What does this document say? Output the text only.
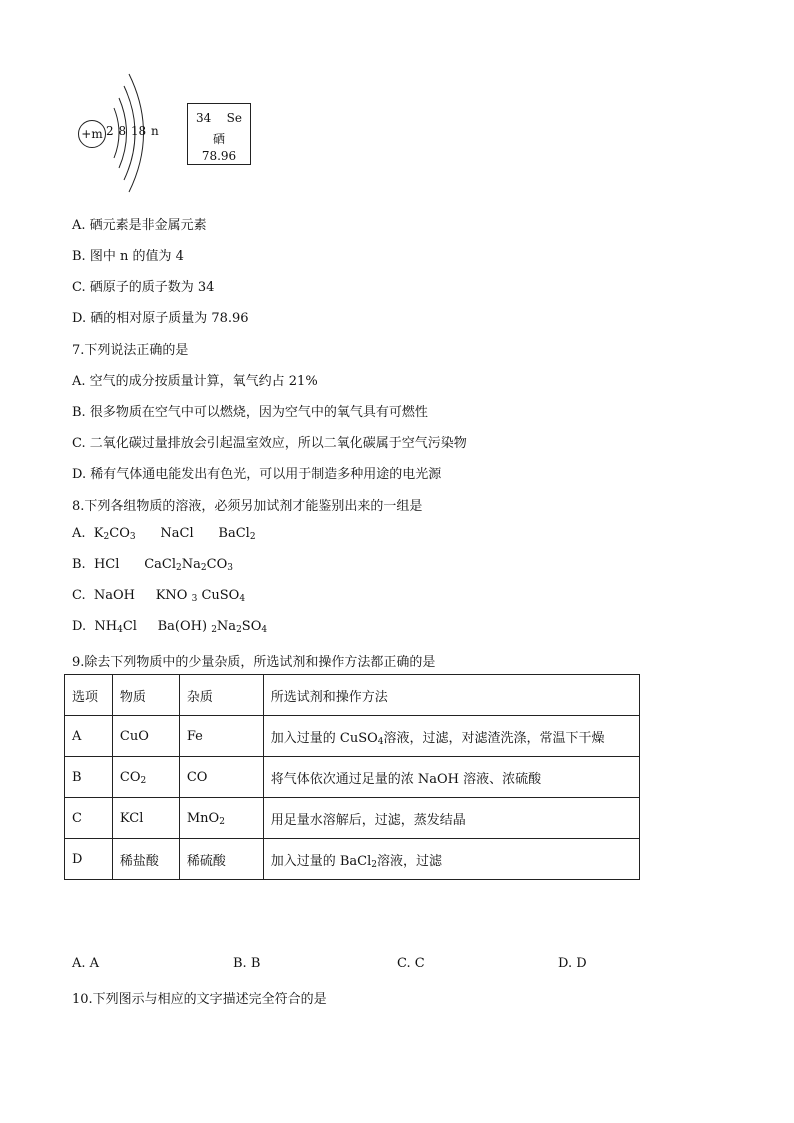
+m 2 8 18 n
34 Se
硒
78.96
A. 硒元素是非金属元素
B. 图中 n 的值为 4
C. 硒原子的质子数为 34
D. 硒的相对原子质量为 78.96
7.下列说法正确的是
A. 空气的成分按质量计算，氧气约占 21%
B. 很多物质在空气中可以燃烧，因为空气中的氧气具有可燃性
C. 二氧化碳过量排放会引起温室效应，所以二氧化碳属于空气污染物
D. 稀有气体通电能发出有色光，可以用于制造多种用途的电光源
8.下列各组物质的溶液，必须另加试剂才能鉴别出来的一组是
A. $K_2CO_3$ NaCl BaCl$_2$
B. HCl $CaCl_2Na_2CO_3$
C. NaOH KNO $_3$ CuSO$_4$
D. $NH_4Cl$ Ba(OH) $_2Na_2SO_4$
9.除去下列物质中的少量杂质，所选试剂和操作方法都正确的是
选项	物质	杂质	所选试剂和操作方法
A	CuO	Fe	加入过量的 CuSO$_4$溶液，过滤，对滤渣洗涤，常温下干燥
B	$CO_2$	CO	将气体依次通过足量的浓 NaOH 溶液、浓硫酸
C	KCl	MnO$_2$	用足量水溶解后，过滤，蒸发结晶
D	稀盐酸	稀硫酸	加入过量的 BaCl$_2$溶液，过滤
A. A	B. B	C. C	D. D
10.下列图示与相应的文字描述完全符合的是
